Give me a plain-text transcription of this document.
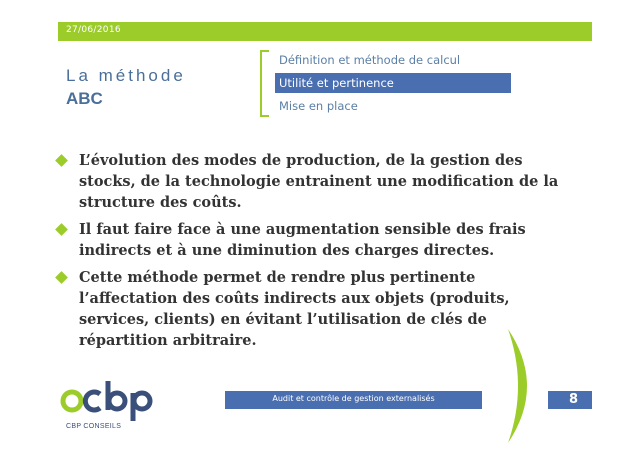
27/06/2016
La méthode
ABC
Définition et méthode de calcul
Utilité et pertinence
Mise en place
L’évolution des modes de production, de la gestion des stocks, de la technologie entrainent une modification de la structure des coûts.
Il faut faire face à une augmentation sensible des frais indirects et à une diminution des charges directes.
Cette méthode permet de rendre plus pertinente l’affectation des coûts indirects aux objets (produits, services, clients) en évitant l’utilisation de clés de répartition arbitraire.
CBP CONSEILS
Audit et contrôle de gestion externalisés	8
